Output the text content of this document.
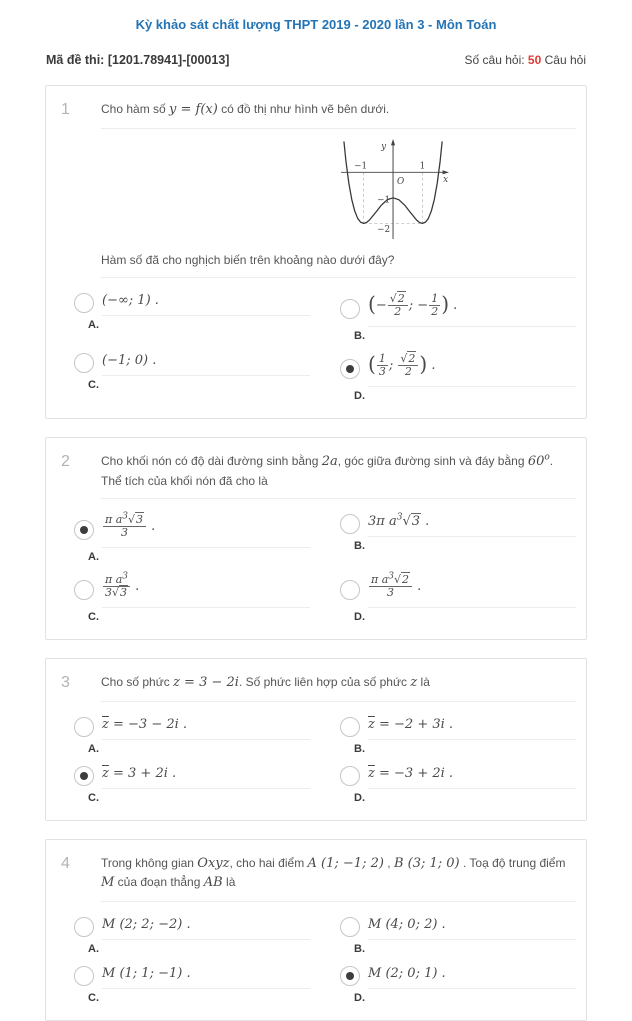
Kỳ khảo sát chất lượng THPT 2019 - 2020 lần 3 - Môn Toán
Mã đề thi: [1201.78941]-[00013]	Số câu hỏi: 50 Câu hỏi
1	Cho hàm số y = f(x) có đồ thị như hình vẽ bên dưới.

y
x
O
−1	1
−1
−2

Hàm số đã cho nghịch biến trên khoảng nào dưới đây?

(−∞; 1) .
A.
(− $\frac{√2}{2}$ ; − $\frac{1}{2}$ ) .
B.
(−1; 0) .
C.
( $\frac{1}{3}$ ; $\frac{√2}{2}$ ) .
D.
2	Cho khối nón có độ dài đường sinh bằng 2a, góc giữa đường sinh và đáy bằng 60$^o$. Thể tích của khối nón đã cho là

$\frac{\pi a^3√3}{3}$ .
A.
3π $a^3√3$ .
B.
$\frac{\pi a^3}{3√3}$ .
C.
$\frac{\pi a^3√2}{3}$ .
D.
3	Cho số phức z = 3 − 2i. Số phức liên hợp của số phức z là

$\overline{z} = -3 - 2i$ .
A.
$\overline{z} = -2 + 3i$ .
B.
$\overline{z} = 3 + 2i$ .
C.
$\overline{z} = -3 + 2i$ .
D.
4	Trong không gian Oxyz, cho hai điểm A (1; −1; 2) , B (3; 1; 0) . Toạ độ trung điểm M của đoạn thẳng AB là

M (2; 2; −2) .
A.
M (4; 0; 2) .
B.
M (1; 1; −1) .
C.
M (2; 0; 1) .
D.
